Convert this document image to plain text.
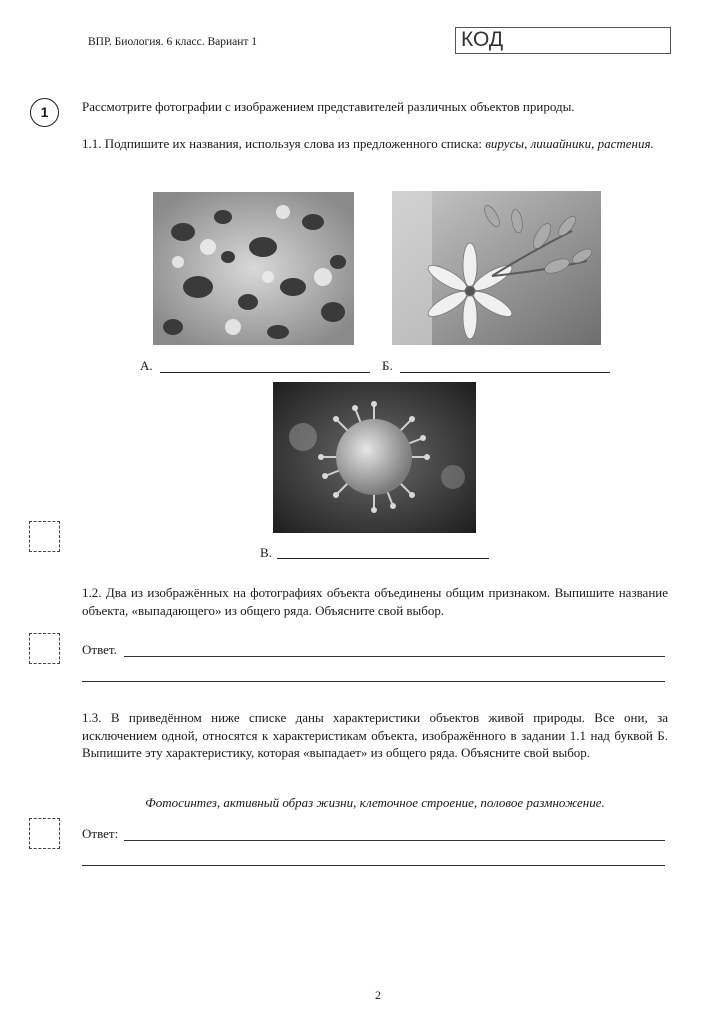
ВПР. Биология. 6 класс. Вариант 1	КОД
1	Рассмотрите фотографии с изображением представителей различных объектов природы.
1.1. Подпишите их названия, используя слова из предложенного списка: вирусы, лишайники, растения.
А.	Б.
В.
1.2. Два из изображённых на фотографиях объекта объединены общим признаком. Выпишите название объекта, «выпадающего» из общего ряда. Объясните свой выбор.
Ответ.
1.3. В приведённом ниже списке даны характеристики объектов живой природы. Все они, за исключением одной, относятся к характеристикам объекта, изображённого в задании 1.1 над буквой Б. Выпишите эту характеристику, которая «выпадает» из общего ряда. Объясните свой выбор.
Фотосинтез, активный образ жизни, клеточное строение, половое размножение.
Ответ:
2
